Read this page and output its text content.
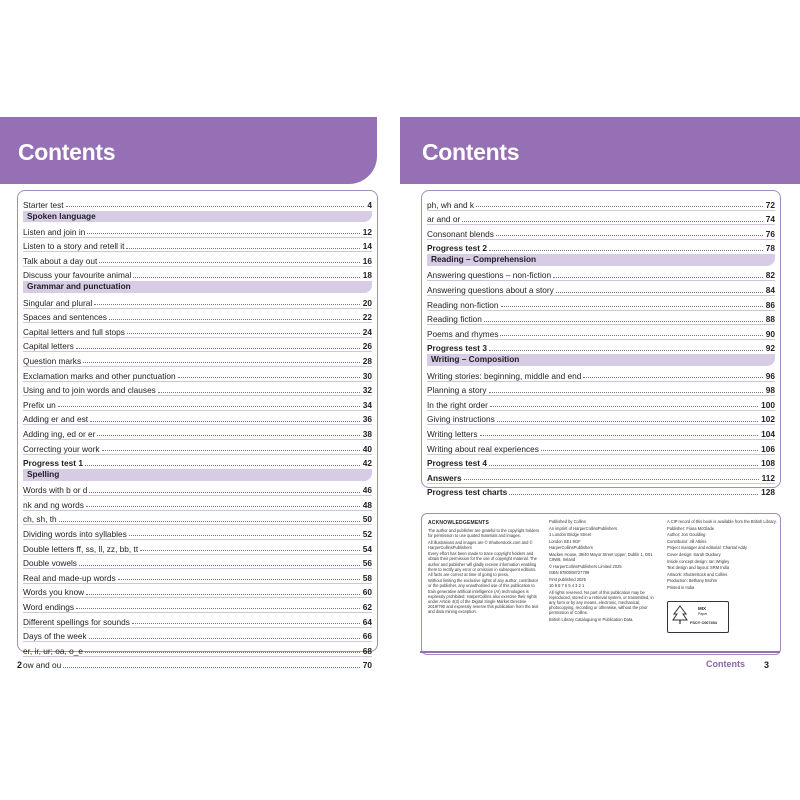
Contents
Starter test	4
Spoken language
Listen and join in	12
Listen to a story and retell it	14
Talk about a day out	16
Discuss your favourite animal	18
Grammar and punctuation
Singular and plural	20
Spaces and sentences	22
Capital letters and full stops	24
Capital letters	26
Question marks	28
Exclamation marks and other punctuation	30
Using and to join words and clauses	32
Prefix un	34
Adding er and est	36
Adding ing, ed or er	38
Correcting your work	40
Progress test 1	42
Spelling
Words with b or d	46
nk and ng words	48
ch, sh, th	50
Dividing words into syllables	52
Double letters ff, ss, ll, zz, bb, tt	54
Double vowels	56
Real and made-up words	58
Words you know	60
Word endings	62
Different spellings for sounds	64
Days of the week	66
er, ir, ur; oa, o_e	68
ow and ou	70
2
Contents
ph, wh and k	72
ar and or	74
Consonant blends	76
Progress test 2	78
Reading – Comprehension
Answering questions – non-fiction	82
Answering questions about a story	84
Reading non-fiction	86
Reading fiction	88
Poems and rhymes	90
Progress test 3	92
Writing – Composition
Writing stories: beginning, middle and end	96
Planning a story	98
In the right order	100
Giving instructions	102
Writing letters	104
Writing about real experiences	106
Progress test 4	108
Answers	112
Progress test charts	128
ACKNOWLEDGEMENTS

The author and publisher are grateful to the copyright holders for permission to use quoted materials and images.

All illustrations and images are © Shutterstock.com and © HarperCollinsPublishers

Every effort has been made to trace copyright holders and obtain their permission for the use of copyright material. The author and publisher will gladly receive information enabling them to rectify any error or omission in subsequent editions. All facts are correct at time of going to press.

Without limiting the exclusive rights of any author, contributor or the publisher, any unauthorised use of this publication to train generative artificial intelligence (AI) technologies is expressly prohibited. HarperCollins also exercise their rights under Article 4(3) of the Digital Single Market Directive 2019/790 and expressly reserve this publication from the text and data mining exception.

Published by Collins

An imprint of HarperCollinsPublishers

1 London Bridge Street

London SE1 9GF

HarperCollinsPublishers

Macken House, 39/40 Mayor Street Upper, Dublin 1, D01 C9W8, Ireland

© HarperCollinsPublishers Limited 2025

ISBN 9780008727789

First published 2025

10 9 8 7 6 5 4 3 2 1

All rights reserved. No part of this publication may be reproduced, stored in a retrieval system, or transmitted, in any form or by any means, electronic, mechanical, photocopying, recording or otherwise, without the prior permission of Collins.

British Library Cataloguing in Publication Data.

A CIP record of this book is available from the British Library.

Publisher: Fiona McGlade

Author: Jon Goulding

Contributor: Jill Atkins

Project manager and editorial: Chantal Addy

Cover design: Sarah Duxbury

Inside concept design: Ian Wrigley

Text design and layout: SRM India

Artwork: Shutterstock and Collins

Production: Bethany Brohm

Printed in India

MIX
Paper
FSC® C007454
Contents 3
